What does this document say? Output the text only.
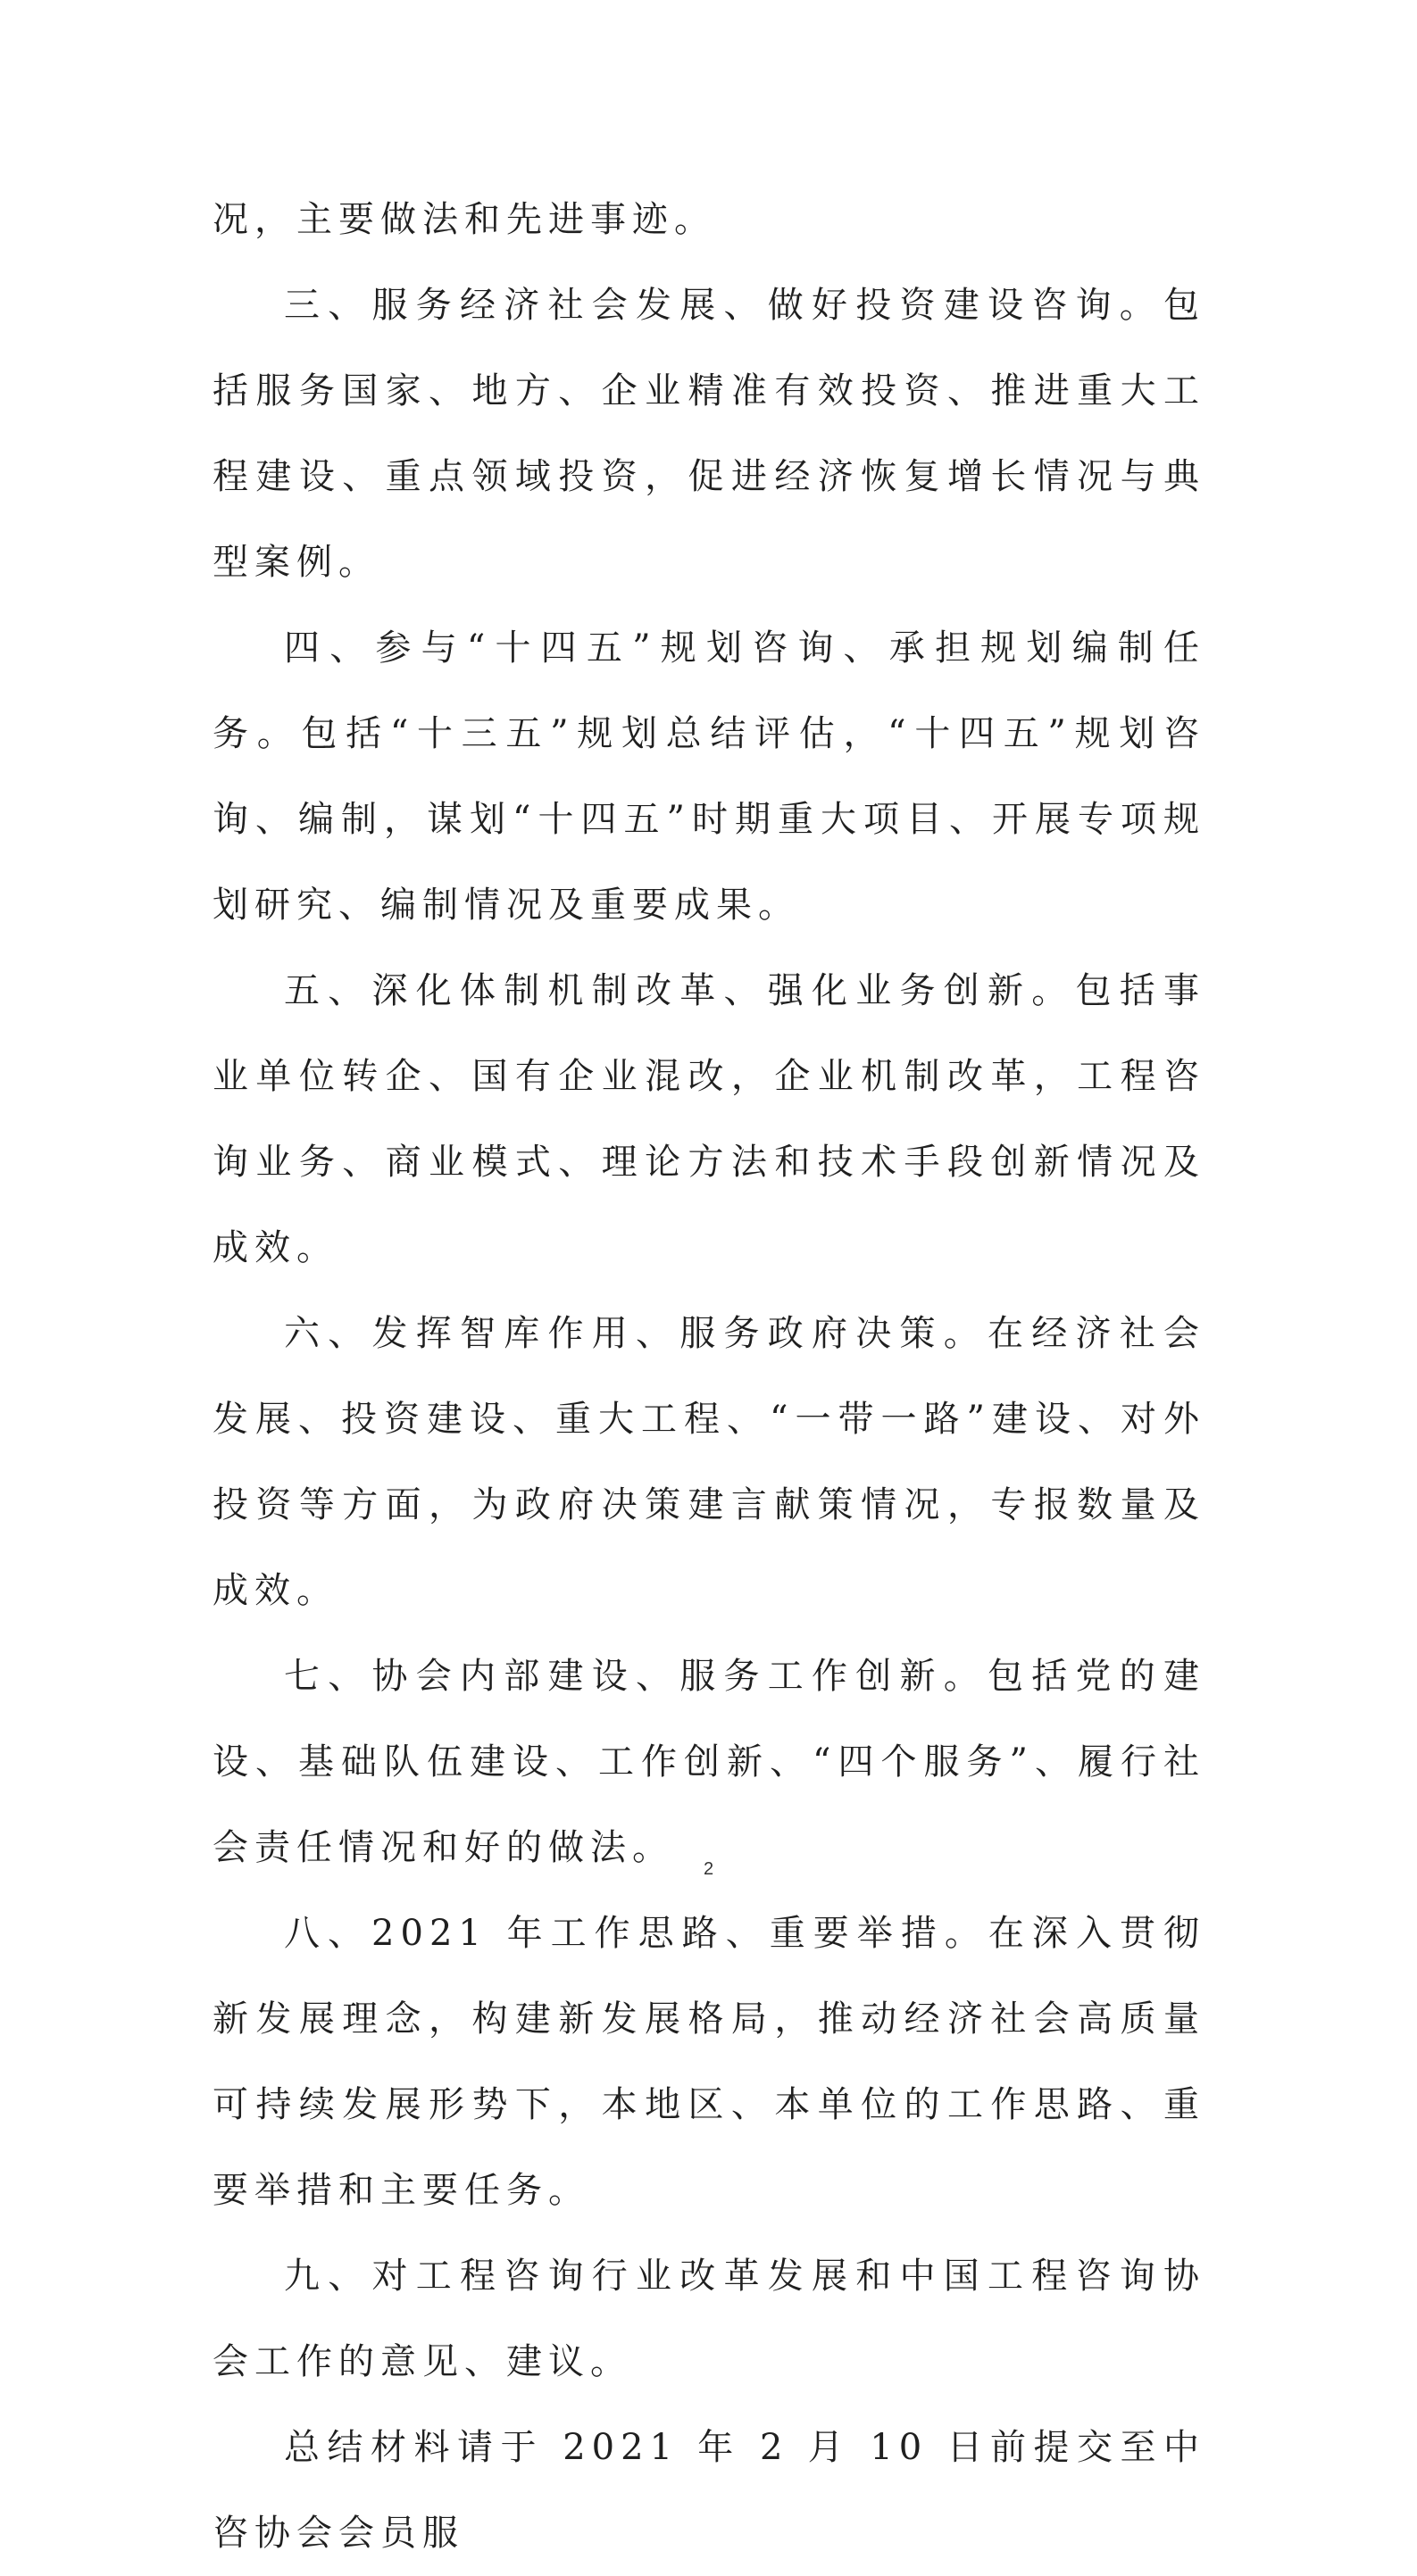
况，主要做法和先进事迹。

三、服务经济社会发展、做好投资建设咨询。包括服务国家、地方、企业精准有效投资、推进重大工程建设、重点领域投资，促进经济恢复增长情况与典型案例。

四、参与“十四五”规划咨询、承担规划编制任务。包括“十三五”规划总结评估，“十四五”规划咨询、编制，谋划“十四五”时期重大项目、开展专项规划研究、编制情况及重要成果。

五、深化体制机制改革、强化业务创新。包括事业单位转企、国有企业混改，企业机制改革，工程咨询业务、商业模式、理论方法和技术手段创新情况及成效。

六、发挥智库作用、服务政府决策。在经济社会发展、投资建设、重大工程、“一带一路”建设、对外投资等方面，为政府决策建言献策情况，专报数量及成效。

七、协会内部建设、服务工作创新。包括党的建设、基础队伍建设、工作创新、“四个服务”、履行社会责任情况和好的做法。

八、2021 年工作思路、重要举措。在深入贯彻新发展理念，构建新发展格局，推动经济社会高质量可持续发展形势下，本地区、本单位的工作思路、重要举措和主要任务。

九、对工程咨询行业改革发展和中国工程咨询协会工作的意见、建议。

总结材料请于 2021 年 2 月 10 日前提交至中咨协会会员服

2
